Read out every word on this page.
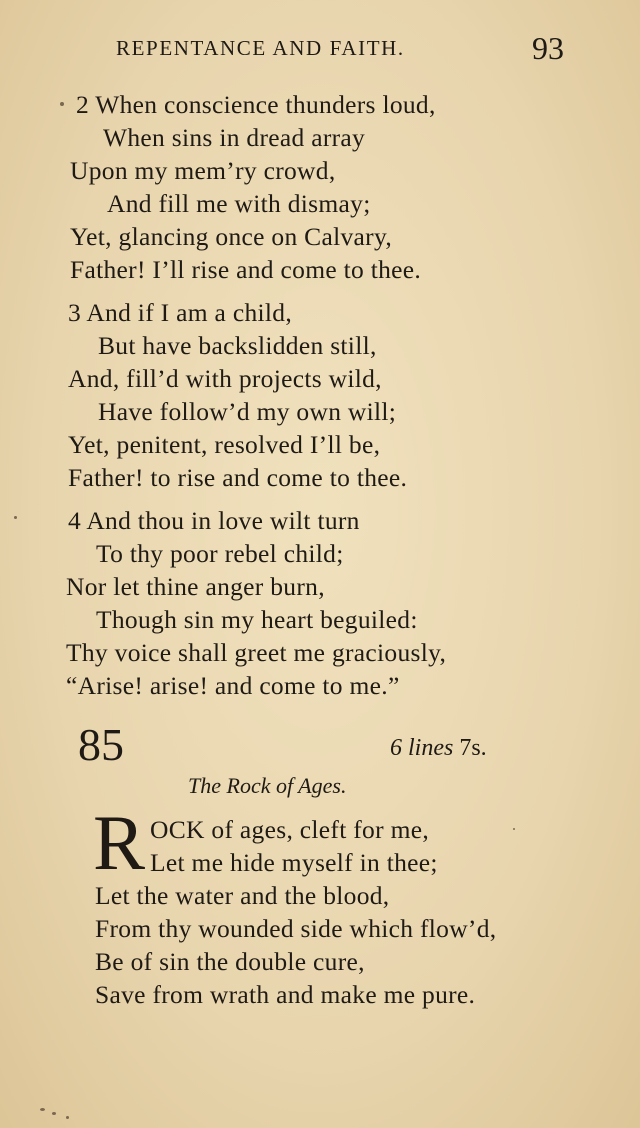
REPENTANCE AND FAITH.	93
2 When conscience thunders loud,
When sins in dread array
Upon my mem’ry crowd,
And fill me with dismay;
Yet, glancing once on Calvary,
Father! I’ll rise and come to thee.
3 And if I am a child,
But have backslidden still,
And, fill’d with projects wild,
Have follow’d my own will;
Yet, penitent, resolved I’ll be,
Father! to rise and come to thee.
4 And thou in love wilt turn
To thy poor rebel child;
Nor let thine anger burn,
Though sin my heart beguiled:
Thy voice shall greet me graciously,
“Arise! arise! and come to me.”
85	6 lines 7s.
The Rock of Ages.
R OCK of ages, cleft for me,
Let me hide myself in thee;
Let the water and the blood,
From thy wounded side which flow’d,
Be of sin the double cure,
Save from wrath and make me pure.
